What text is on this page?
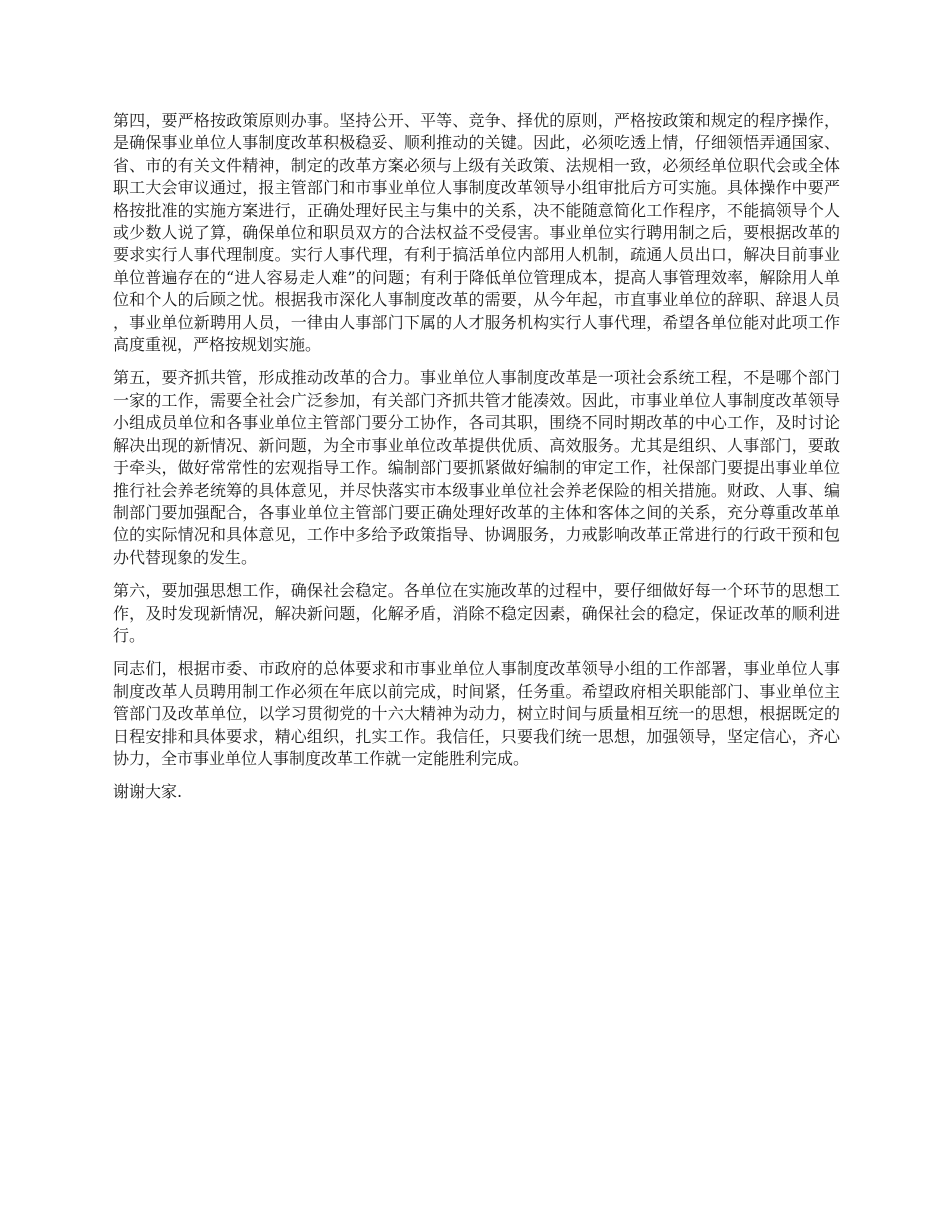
第四，要严格按政策原则办事。坚持公开、平等、竞争、择优的原则，严格按政策和规定的程序操作，是确保事业单位人事制度改革积极稳妥、顺利推动的关键。因此，必须吃透上情，仔细领悟弄通国家、省、市的有关文件精神，制定的改革方案必须与上级有关政策、法规相一致，必须经单位职代会或全体职工大会审议通过，报主管部门和市事业单位人事制度改革领导小组审批后方可实施。具体操作中要严格按批准的实施方案进行，正确处理好民主与集中的关系，决不能随意简化工作程序，不能搞领导个人或少数人说了算，确保单位和职员双方的合法权益不受侵害。事业单位实行聘用制之后，要根据改革的要求实行人事代理制度。实行人事代理，有利于搞活单位内部用人机制，疏通人员出口，解决目前事业单位普遍存在的“进人容易走人难”的问题；有利于降低单位管理成本，提高人事管理效率，解除用人单位和个人的后顾之忧。根据我市深化人事制度改革的需要，从今年起，市直事业单位的辞职、辞退人员，事业单位新聘用人员，一律由人事部门下属的人才服务机构实行人事代理，希望各单位能对此项工作高度重视，严格按规划实施。

第五，要齐抓共管，形成推动改革的合力。事业单位人事制度改革是一项社会系统工程，不是哪个部门一家的工作，需要全社会广泛参加，有关部门齐抓共管才能凑效。因此，市事业单位人事制度改革领导小组成员单位和各事业单位主管部门要分工协作，各司其职，围绕不同时期改革的中心工作，及时讨论解决出现的新情况、新问题，为全市事业单位改革提供优质、高效服务。尤其是组织、人事部门，要敢于牵头，做好常常性的宏观指导工作。编制部门要抓紧做好编制的审定工作，社保部门要提出事业单位推行社会养老统筹的具体意见，并尽快落实市本级事业单位社会养老保险的相关措施。财政、人事、编制部门要加强配合，各事业单位主管部门要正确处理好改革的主体和客体之间的关系，充分尊重改革单位的实际情况和具体意见，工作中多给予政策指导、协调服务，力戒影响改革正常进行的行政干预和包办代替现象的发生。

第六，要加强思想工作，确保社会稳定。各单位在实施改革的过程中，要仔细做好每一个环节的思想工作，及时发现新情况，解决新问题，化解矛盾，消除不稳定因素，确保社会的稳定，保证改革的顺利进行。

同志们，根据市委、市政府的总体要求和市事业单位人事制度改革领导小组的工作部署，事业单位人事制度改革人员聘用制工作必须在年底以前完成，时间紧，任务重。希望政府相关职能部门、事业单位主管部门及改革单位，以学习贯彻党的十六大精神为动力，树立时间与质量相互统一的思想，根据既定的日程安排和具体要求，精心组织，扎实工作。我信任，只要我们统一思想，加强领导，坚定信心，齐心协力，全市事业单位人事制度改革工作就一定能胜利完成。

谢谢大家.
